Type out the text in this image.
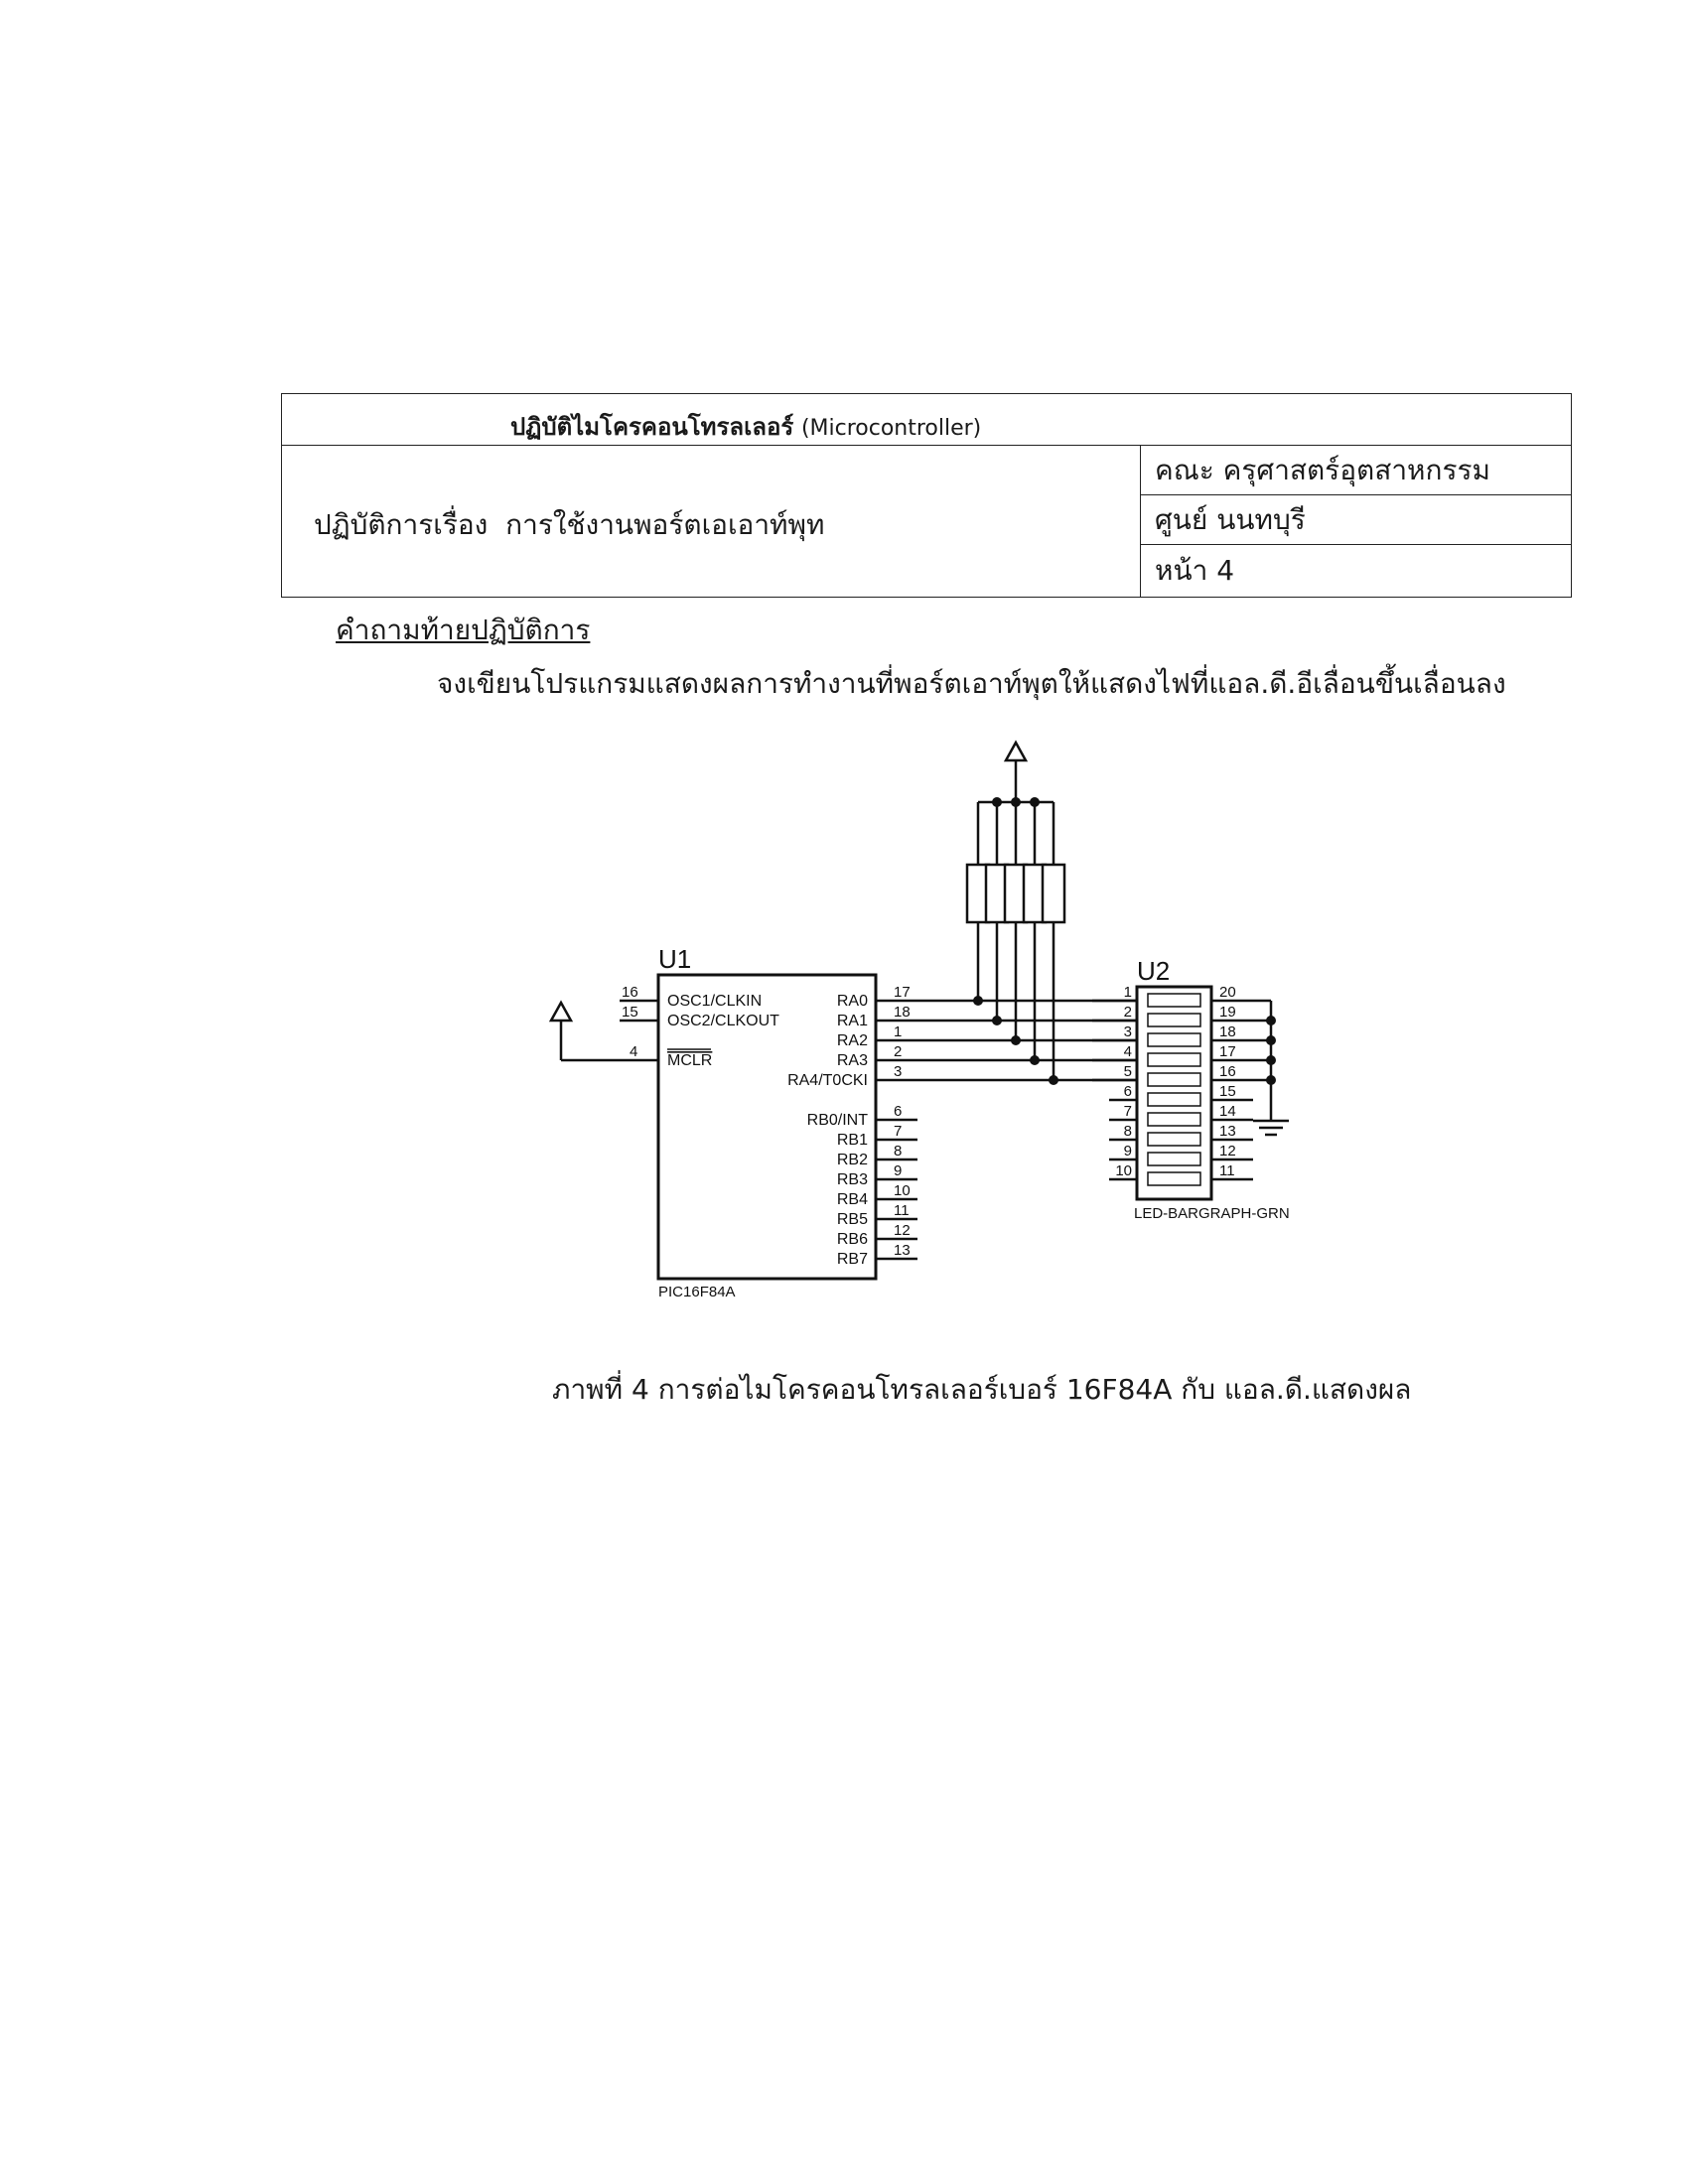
ปฏิบัติไมโครคอนโทรลเลอร์ (Microcontroller)
ปฏิบัติการเรื่อง  การใช้งานพอร์ตเอเอาท์พุท
คณะ ครุศาสตร์อุตสาหกรรม
ศูนย์ นนทบุรี
หน้า 4
คำถามท้ายปฏิบัติการ
จงเขียนโปรแกรมแสดงผลการทำงานที่พอร์ตเอาท์พุตให้แสดงไฟที่แอล.ดี.อีเลื่อนขึ้นเลื่อนลง
U1
PIC16F84A
16
15
4
OSC1/CLKIN
OSC2/CLKOUT
MCLR
RA0
RA1
RA2
RA3
RA4/T0CKI
17
18
1
2
3
RB0/INT
RB1
RB2
RB3
RB4
RB5
RB6
RB7
6
7
8
9
10
11
12
13
U2
LED-BARGRAPH-GRN
1
2
3
4
5
6
7
8
9
10
20
19
18
17
16
15
14
13
12
11
ภาพที่ 4 การต่อไมโครคอนโทรลเลอร์เบอร์ 16F84A กับ แอล.ดี.แสดงผล
